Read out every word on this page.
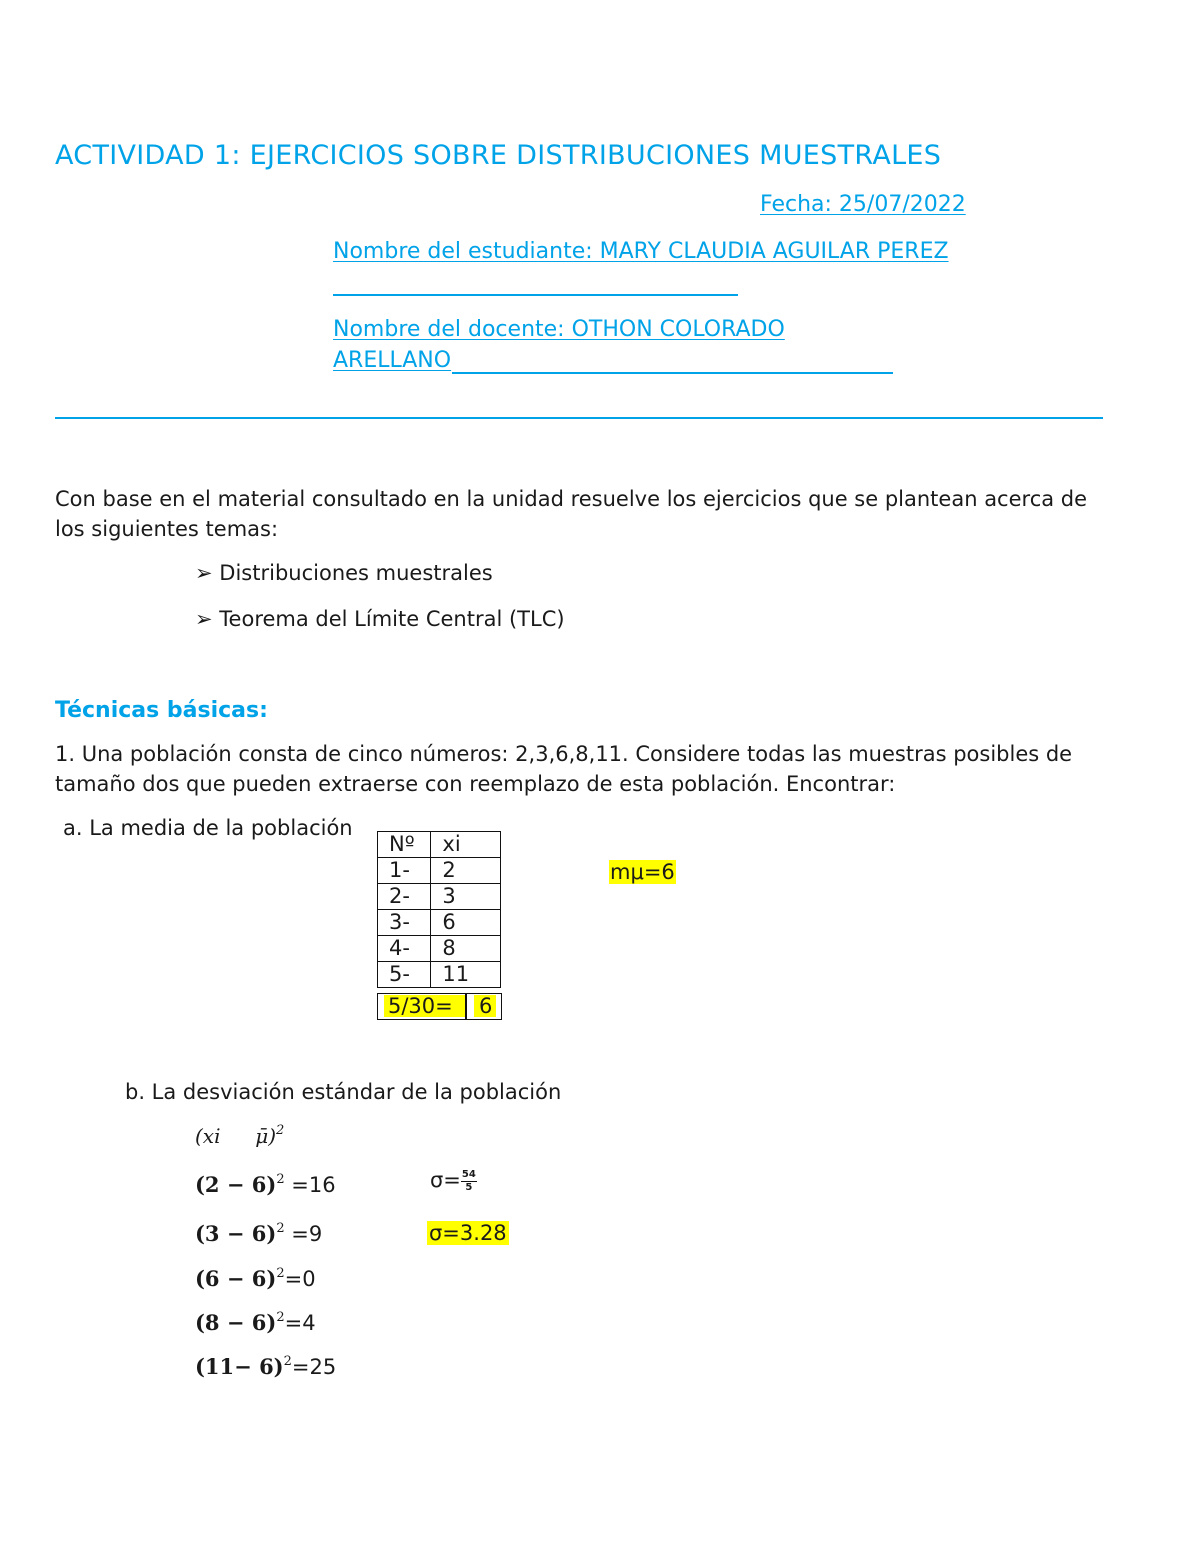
ACTIVIDAD 1: EJERCICIOS SOBRE DISTRIBUCIONES MUESTRALES
Fecha: 25/07/2022
Nombre del estudiante: MARY CLAUDIA AGUILAR PEREZ
Nombre del docente: OTHON COLORADO
ARELLANO
Con base en el material consultado en la unidad resuelve los ejercicios que se plantean acerca de
los siguientes temas:
➢ Distribuciones muestrales
➢ Teorema del Límite Central (TLC)
Técnicas básicas:
1. Una población consta de cinco números: 2,3,6,8,11. Considere todas las muestras posibles de
tamaño dos que pueden extraerse con reemplazo de esta población. Encontrar:
a. La media de la población
Nº	xi
1-	2
2-	3
3-	6
4-	8
5-	11
5/30=	6
mμ=6
b. La desviación estándar de la población
(xi μ̄)$^2$
$(2 - 6)^2 =16$
$(3 - 6)^2 =9$
$(6 - 6)^2=0$
$(8 - 6)^2=4$
$(11- 6)^2=25$
$\sigma= \frac{54}{5}$
σ=3.28
